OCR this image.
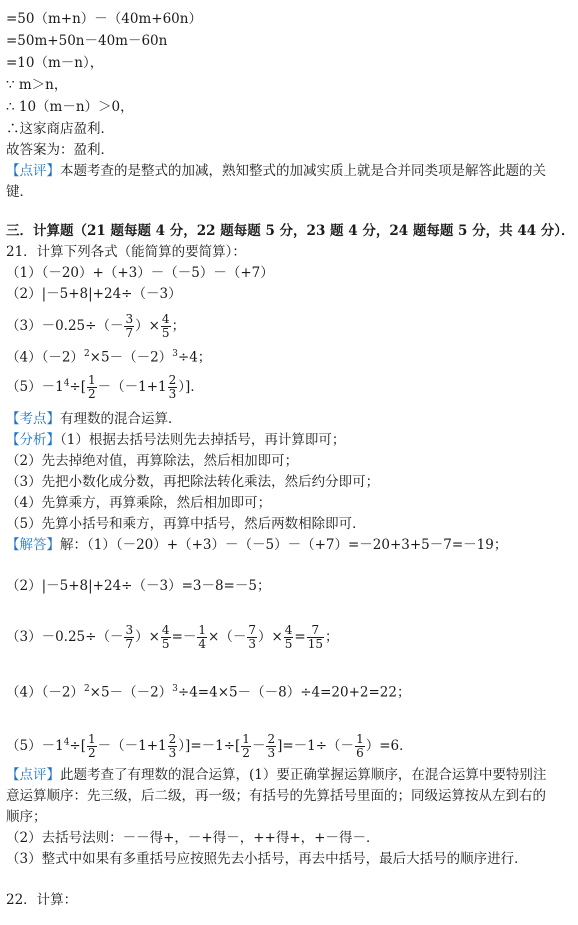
=50（m+n）－（40m+60n）
=50m+50n－40m－60n
=10（m－n），
∵ m＞n，
∴ 10（m－n）＞0，
∴这家商店盈利．
故答案为：盈利．
【点评】本题考查的是整式的加减，熟知整式的加减实质上就是合并同类项是解答此题的关
键．
三．计算题（21 题每题 4 分，22 题每题 5 分，23 题 4 分，24 题每题 5 分，共 44 分）．
21．计算下列各式（能简算的要简算）：
（1）（－20）+（+3）－（－5）－（+7）
（2）|－5+8|+24÷（－3）
$(3)-0.25\div(- \frac{3}{7}$ ）× $\frac{4}{5}$ ；
$(4)(-2)^2\times 5-(-2)^3\div 4$；
$(5)-1^4\div[ \frac{1}{2} -(-1+1 \frac{2}{3}$ ）]．
【考点】有理数的混合运算．
【分析】（1）根据去括号法则先去掉括号，再计算即可；
（2）先去掉绝对值，再算除法，然后相加即可；
（3）先把小数化成分数，再把除法转化乘法，然后约分即可；
（4）先算乘方，再算乘除，然后相加即可；
（5）先算小括号和乘方，再算中括号，然后两数相除即可．
【解答】解：（1）（－20）+（+3）－（－5）－（+7）=－20+3+5－7=－19；
（2）|－5+8|+24÷（－3）=3－8=－5；
$(3)-0.25\div(- \frac{3}{7}$ ）× $\frac{4}{5} =- \frac{1}{4}$ ×（－ $\frac{7}{3}$ ）× $\frac{4}{5} = \frac{7}{15}$ ；
$(4)(-2)^2\times 5-(-2)^3\div 4=4\times 5-(-8)\div 4=20+2=22$；
$(5)-1^4\div[ \frac{1}{2} -(-1+1 \frac{2}{3} )]=-1\div[ \frac{1}{2} - \frac{2}{3} ]=-1\div(- \frac{1}{6} )=6$．
【点评】此题考查了有理数的混合运算，(1）要正确掌握运算顺序，在混合运算中要特别注
意运算顺序：先三级，后二级，再一级；有括号的先算括号里面的；同级运算按从左到右的
顺序；
（2）去括号法则：－－得+，－+得－，++得+，+－得－．
（3）整式中如果有多重括号应按照先去小括号，再去中括号，最后大括号的顺序进行．
22．计算：
